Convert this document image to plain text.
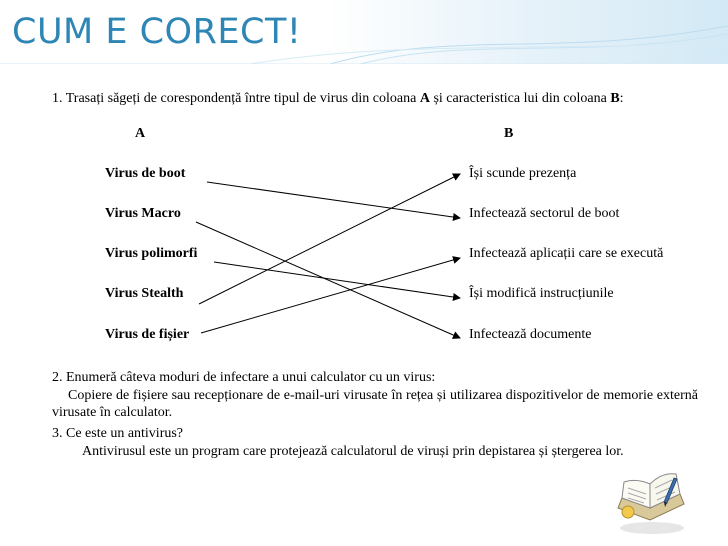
CUM E CORECT!
1. Trasați săgeți de corespondență între tipul de virus din coloana A și caracteristica lui din coloana B:
A	B
Virus de boot
Virus Macro
Virus polimorfi
Virus Stealth
Virus de fișier
Își scunde prezența
Infectează sectorul de boot
Infectează aplicații care se execută
Își modifică instrucțiunile
Infectează documente
2. Enumeră câteva moduri de infectare a unui calculator cu un virus:
Copiere de fișiere sau recepționare de e-mail-uri virusate în rețea și utilizarea dispozitivelor de memorie externă virusate în calculator.
3. Ce este un antivirus?
Antivirusul este un program care protejează calculatorul de viruși prin depistarea și ștergerea lor.
